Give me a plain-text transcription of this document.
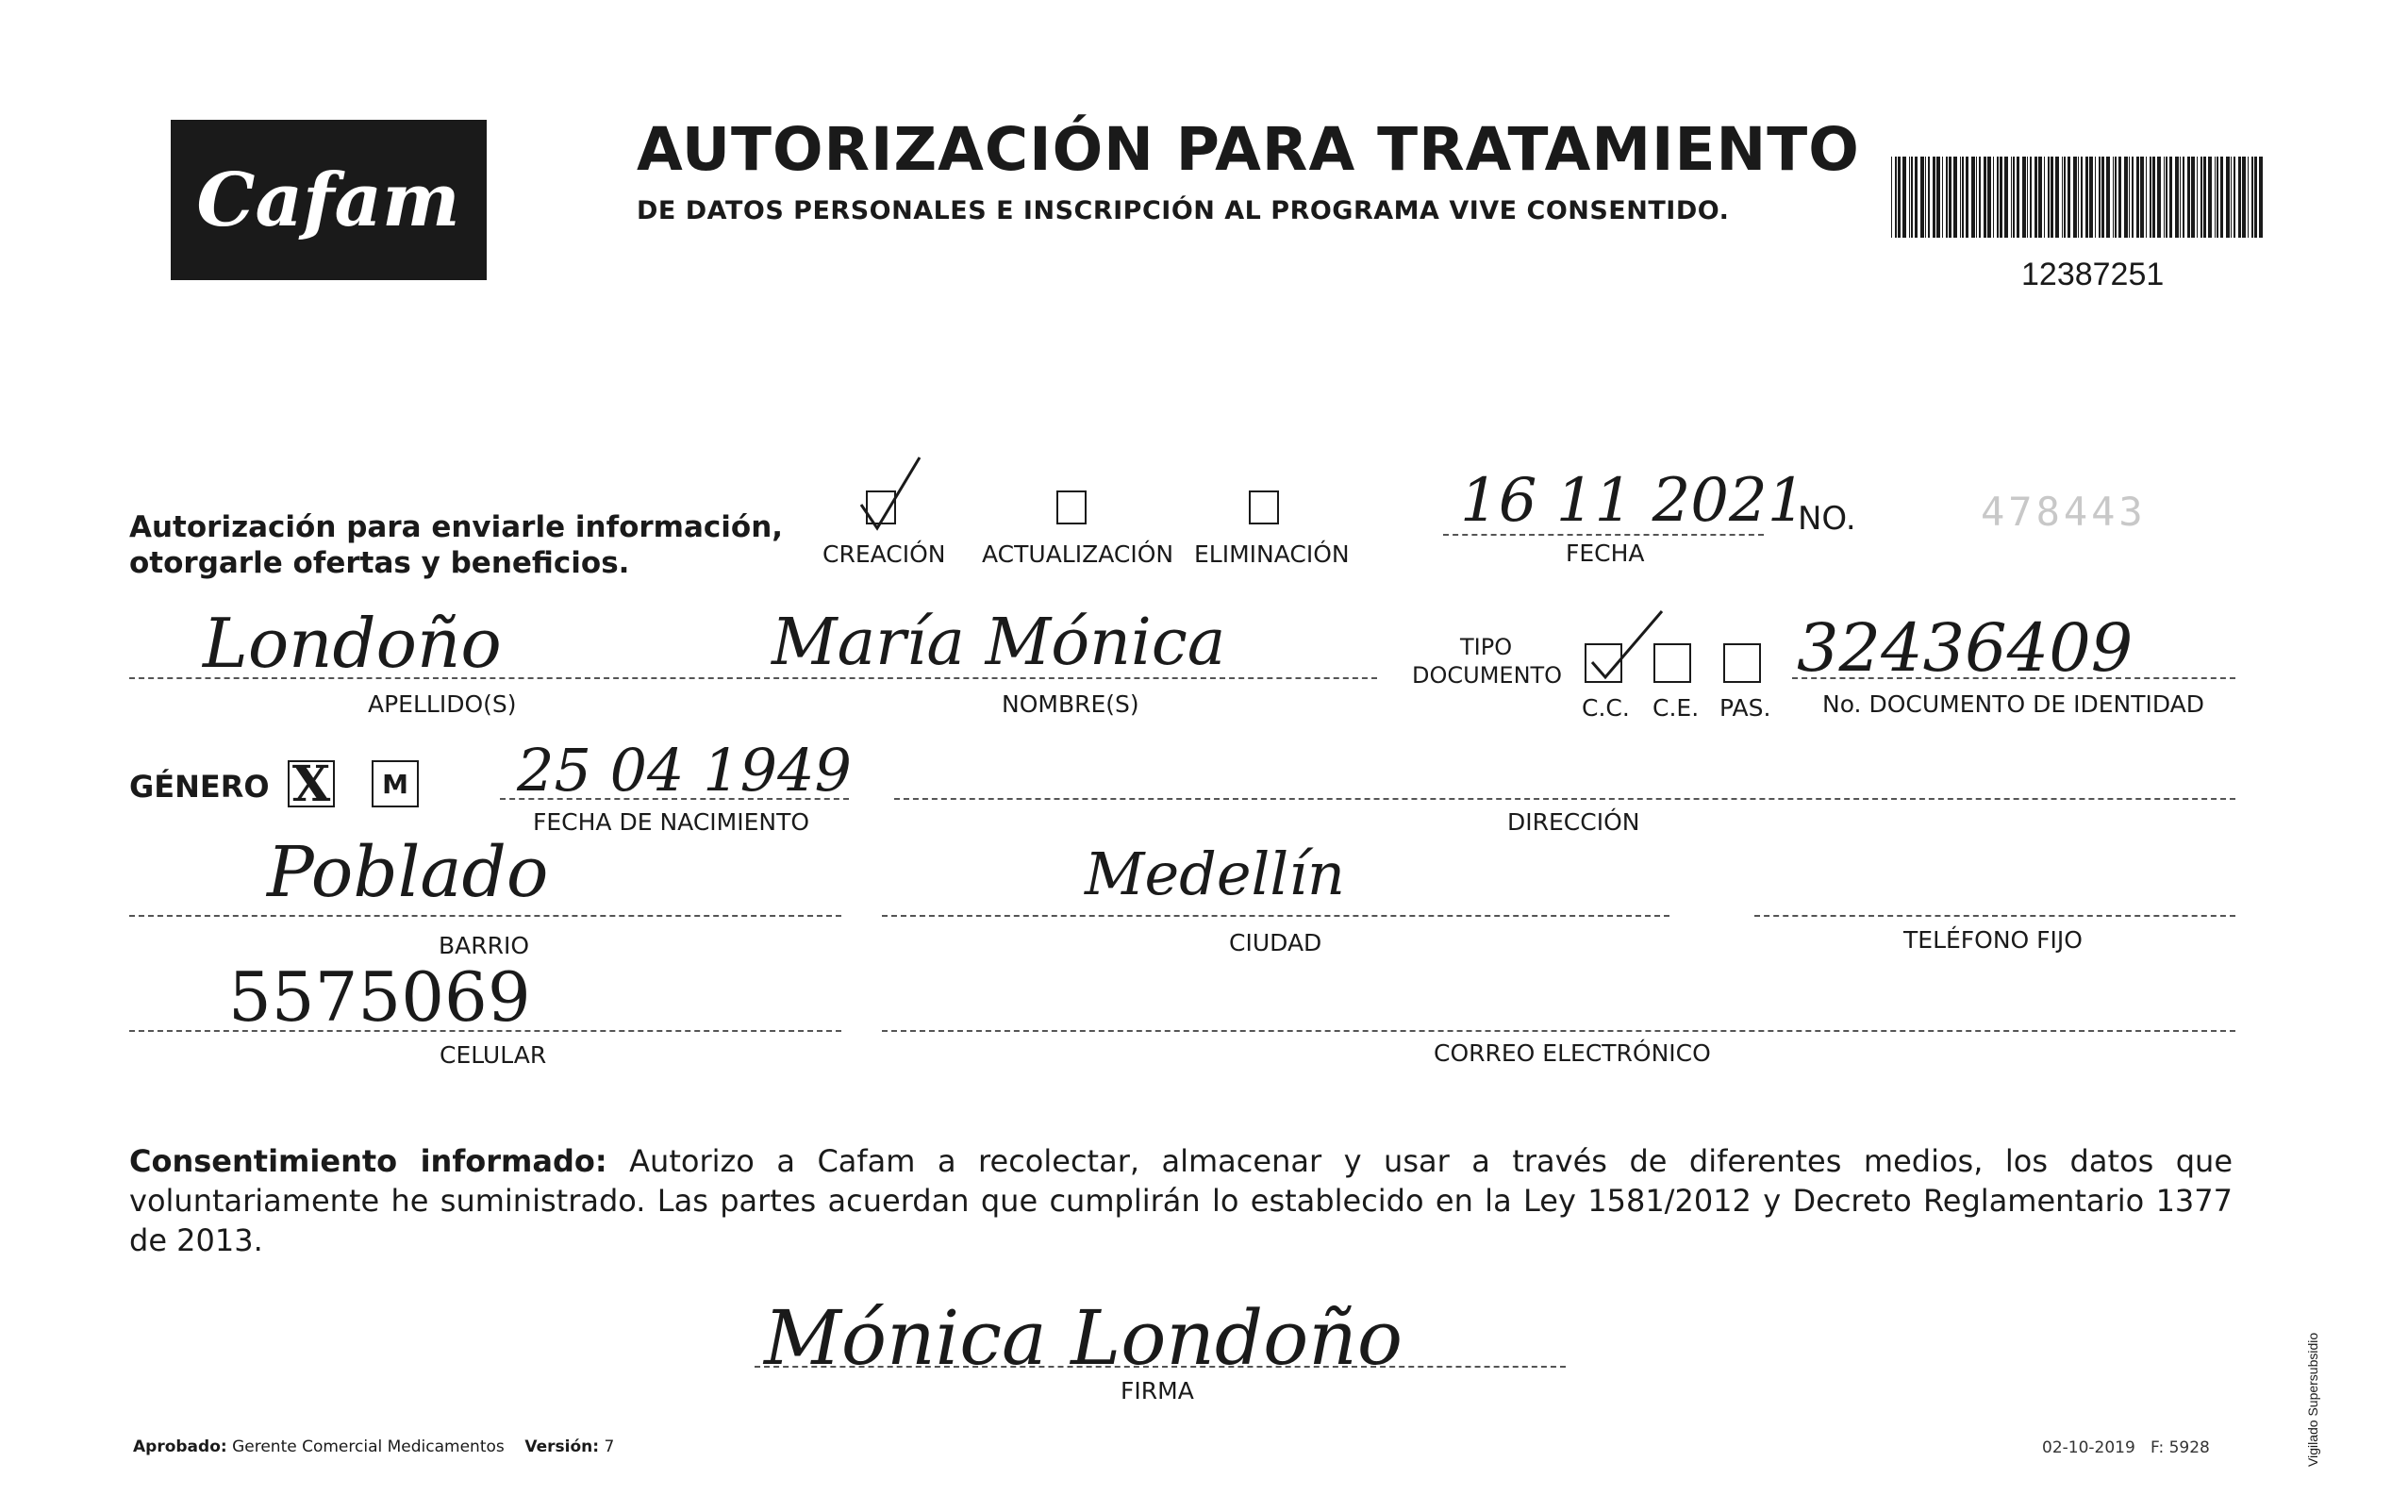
Cafam
AUTORIZACIÓN PARA TRATAMIENTO
DE DATOS PERSONALES E INSCRIPCIÓN AL PROGRAMA VIVE CONSENTIDO.
12387251
Autorización para enviarle información,
otorgarle ofertas y beneficios.	CREACIÓN ACTUALIZACIÓN ELIMINACIÓN
16 11 2021
FECHA
NO.	478443
Londoño
APELLIDO(S)
María Mónica
NOMBRE(S)
TIPO
DOCUMENTO
C.C. C.E. PAS.
32436409
No. DOCUMENTO DE IDENTIDAD
GÉNERO X M 25 04 1949
FECHA DE NACIMIENTO	DIRECCIÓN
Poblado
BARRIO
Medellín
CIUDAD	TELÉFONO FIJO
5575069
CELULAR	CORREO ELECTRÓNICO
Consentimiento informado: Autorizo a Cafam a recolectar, almacenar y usar a través de diferentes medios, los datos que voluntariamente he suministrado. Las partes acuerdan que cumplirán lo establecido en la Ley 1581/2012 y Decreto Reglamentario 1377 de 2013.
Mónica Londoño
FIRMA
Aprobado: Gerente Comercial Medicamentos Versión: 7	02-10-2019 F: 5928	Vigilado Supersubsidio
